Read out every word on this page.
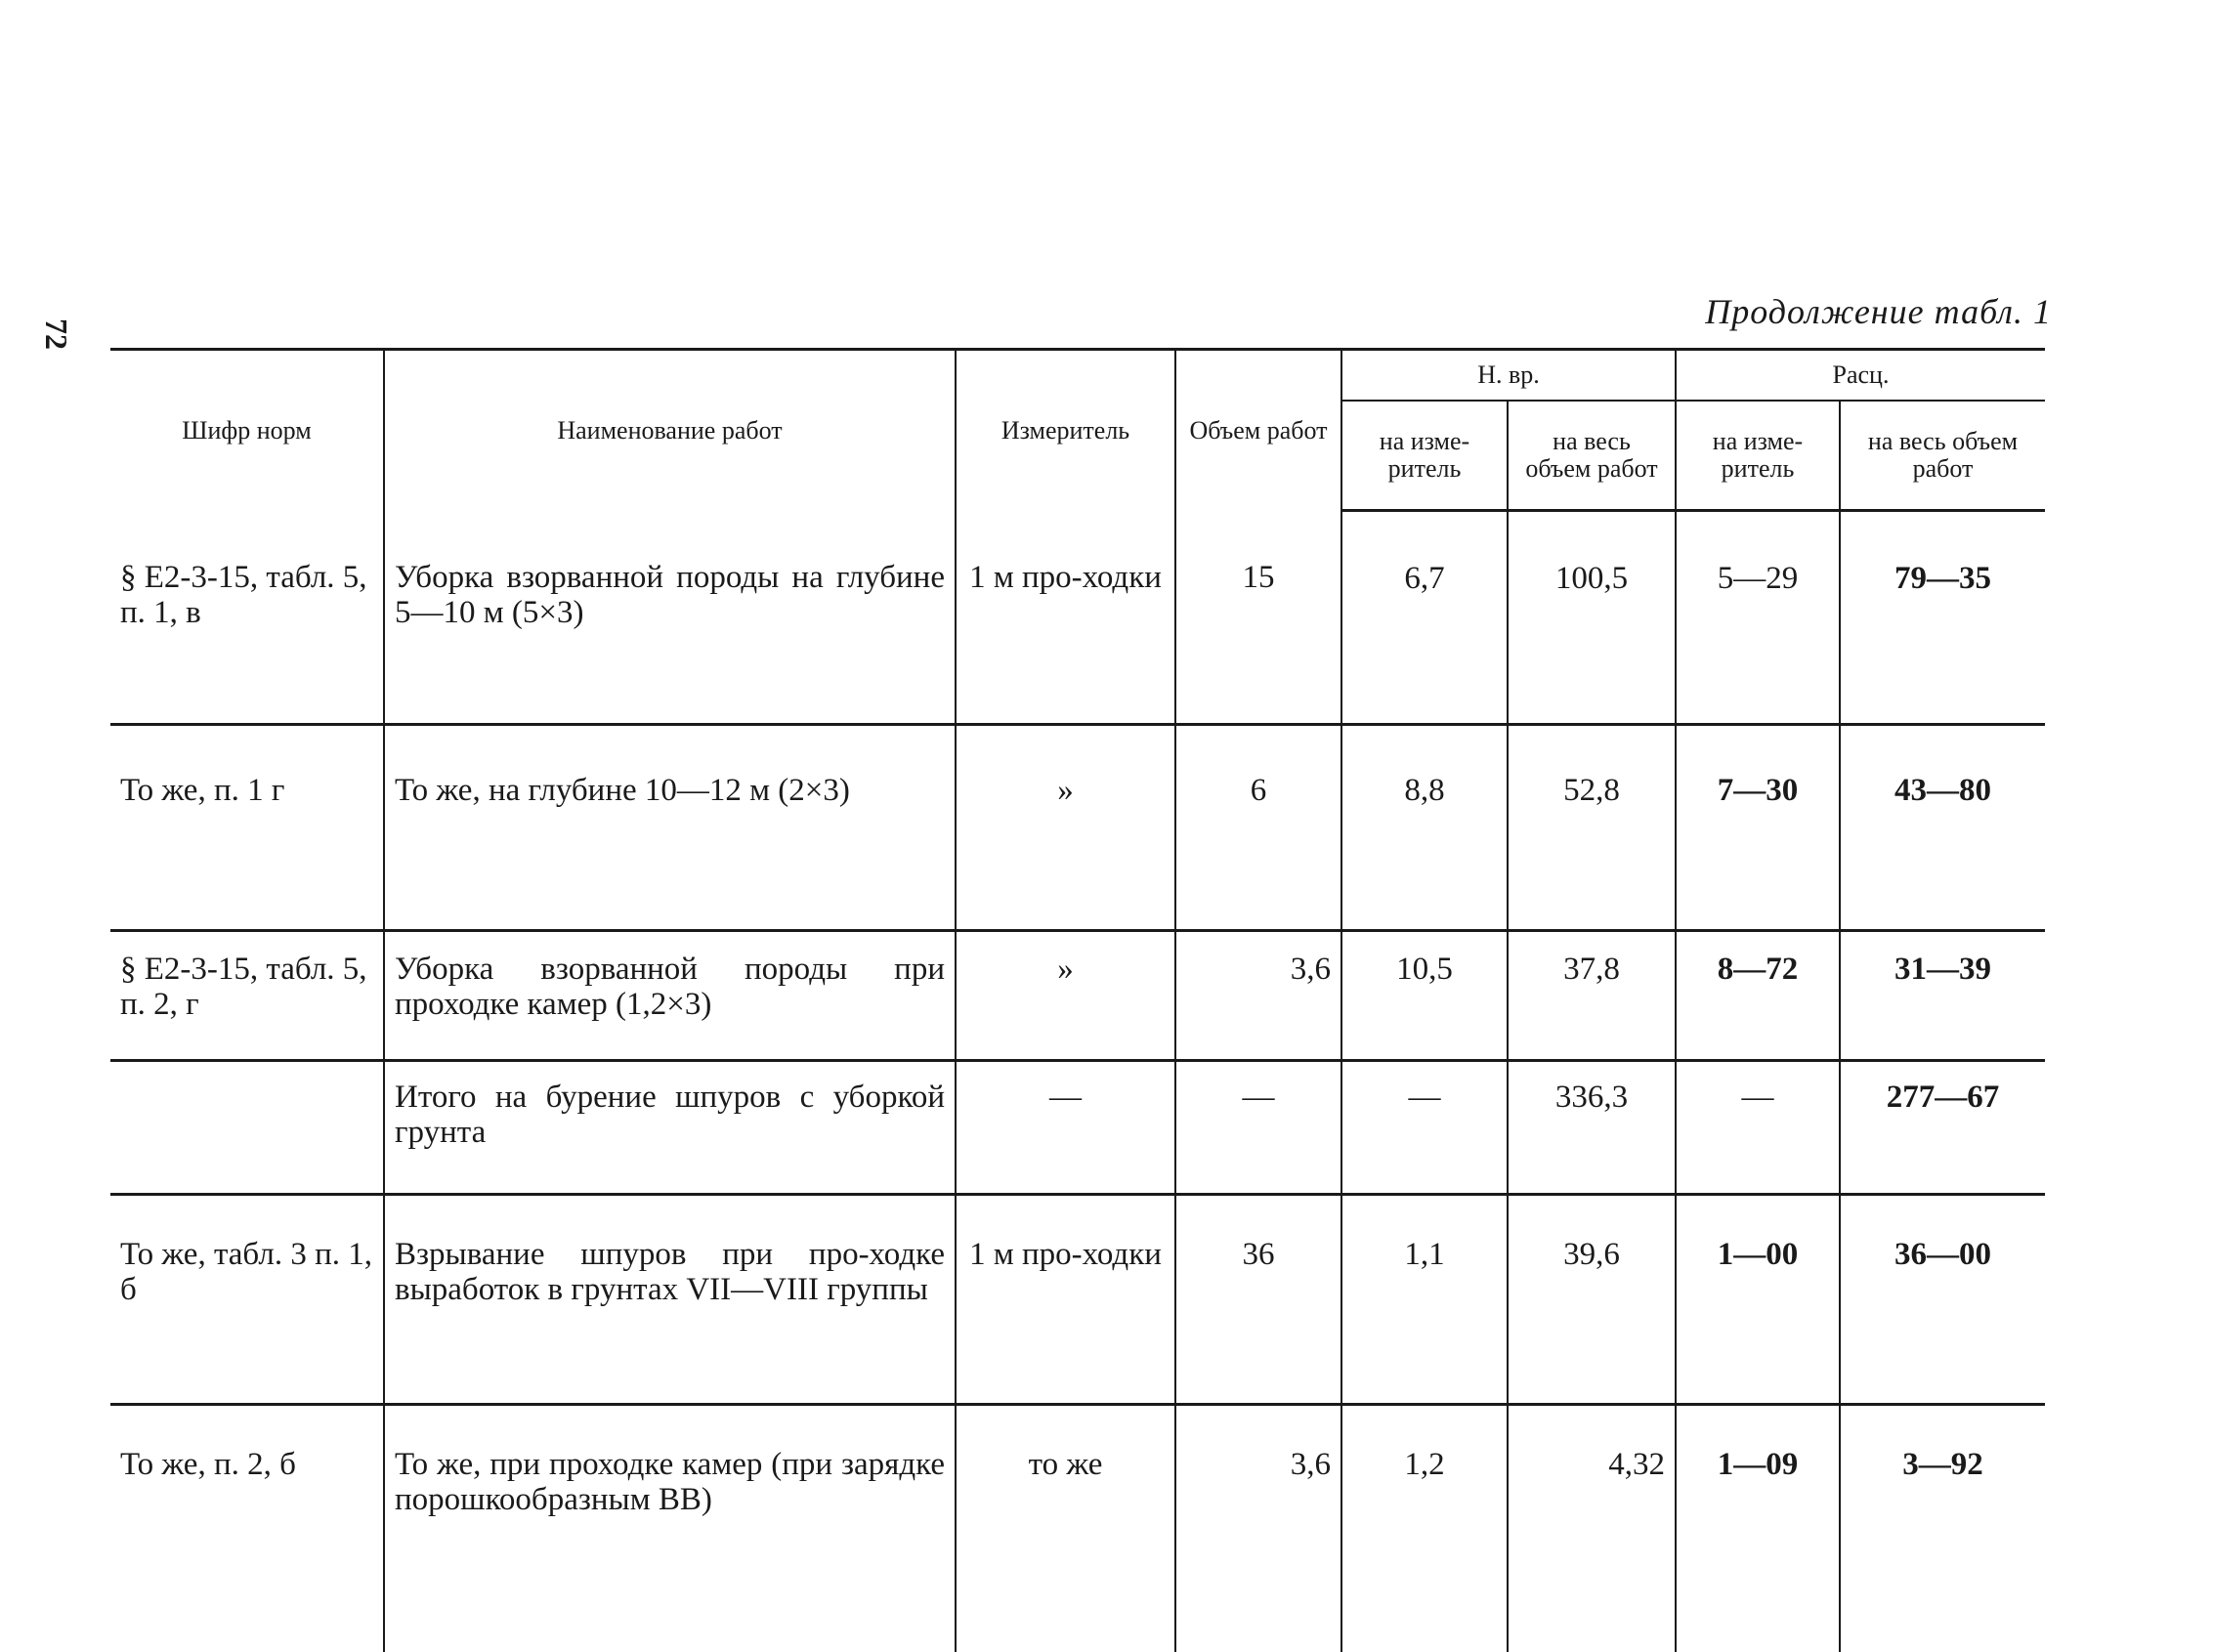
72
Продолжение табл. 1
Шифр норм	Наименование работ	Измеритель	Объем работ	Н. вр.		Расц.	
				на изме-ритель	на весь объем работ	на изме-ритель	на весь объем работ
§ Е2-3-15, табл. 5, п. 1, в	Уборка взорванной породы на глубине 5—10 м (5×3)	1 м про-ходки	15	6,7	100,5	5—29	79—35
То же, п. 1 г	То же, на глубине 10—12 м (2×3)	»	6	8,8	52,8	7—30	43—80
§ Е2-3-15, табл. 5, п. 2, г	Уборка взорванной породы при проходке камер (1,2×3)	»	3,6	10,5	37,8	8—72	31—39
	Итого на бурение шпуров с уборкой грунта	—	—	—	336,3	—	277—67
То же, табл. 3 п. 1, б	Взрывание шпуров при про-ходке выработок в грунтах VII—VIII группы	1 м про-ходки	36	1,1	39,6	1—00	36—00
То же, п. 2, б	То же, при проходке камер (при зарядке порошкообразным ВВ)	то же	3,6	1,2	4,32	1—09	3—92
